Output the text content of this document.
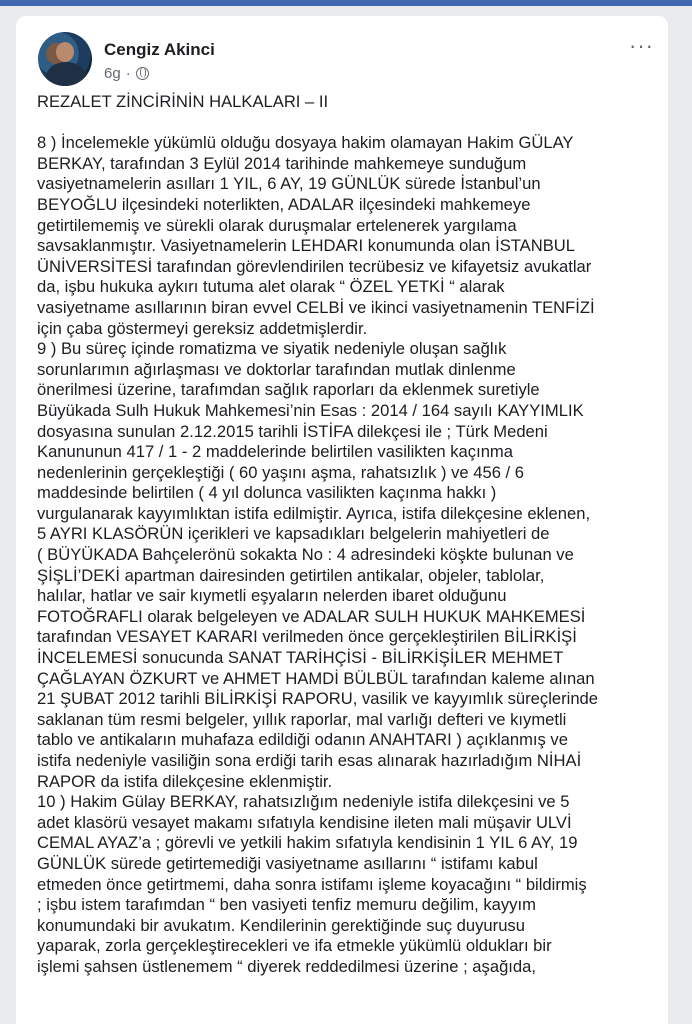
Cengiz Akinci
6g ·
···

REZALET ZİNCİRİNİN HALKALARI – II

8 ) İncelemekle yükümlü olduğu dosyaya hakim olamayan Hakim GÜLAY
BERKAY, tarafından 3 Eylül 2014 tarihinde mahkemeye sunduğum
vasiyetnamelerin asılları 1 YIL, 6 AY, 19 GÜNLÜK sürede İstanbul’un
BEYOĞLU ilçesindeki noterlikten, ADALAR ilçesindeki mahkemeye
getirtilememiş ve sürekli olarak duruşmalar ertelenerek yargılama
savsaklanmıştır. Vasiyetnamelerin LEHDARI konumunda olan İSTANBUL
ÜNİVERSİTESİ tarafından görevlendirilen tecrübesiz ve kifayetsiz avukatlar
da, işbu hukuka aykırı tutuma alet olarak “ ÖZEL YETKİ “ alarak
vasiyetname asıllarının biran evvel CELBİ ve ikinci vasiyetnamenin TENFİZİ
için çaba göstermeyi gereksiz addetmişlerdir.

9 ) Bu süreç içinde romatizma ve siyatik nedeniyle oluşan sağlık
sorunlarımın ağırlaşması ve doktorlar tarafından mutlak dinlenme
önerilmesi üzerine, tarafımdan sağlık raporları da eklenmek suretiyle
Büyükada Sulh Hukuk Mahkemesi’nin Esas : 2014 / 164 sayılı KAYYIMLIK
dosyasına sunulan 2.12.2015 tarihli İSTİFA dilekçesi ile ; Türk Medeni
Kanununun 417 / 1 - 2 maddelerinde belirtilen vasilikten kaçınma
nedenlerinin gerçekleştiği ( 60 yaşını aşma, rahatsızlık ) ve 456 / 6
maddesinde belirtilen ( 4 yıl dolunca vasilikten kaçınma hakkı )
vurgulanarak kayyımlıktan istifa edilmiştir. Ayrıca, istifa dilekçesine eklenen,
5 AYRI KLASÖRÜN içerikleri ve kapsadıkları belgelerin mahiyetleri de
( BÜYÜKADA Bahçelerönü sokakta No : 4 adresindeki köşkte bulunan ve
ŞİŞLİ’DEKİ apartman dairesinden getirtilen antikalar, objeler, tablolar,
halılar, hatlar ve sair kıymetli eşyaların nelerden ibaret olduğunu
FOTOĞRAFLI olarak belgeleyen ve ADALAR SULH HUKUK MAHKEMESİ
tarafından VESAYET KARARI verilmeden önce gerçekleştirilen BİLİRKİŞİ
İNCELEMESİ sonucunda SANAT TARİHÇİSİ - BİLİRKİŞİLER MEHMET
ÇAĞLAYAN ÖZKURT ve AHMET HAMDİ BÜLBÜL tarafından kaleme alınan
21 ŞUBAT 2012 tarihli BİLİRKİŞİ RAPORU, vasilik ve kayyımlık süreçlerinde
saklanan tüm resmi belgeler, yıllık raporlar, mal varlığı defteri ve kıymetli
tablo ve antikaların muhafaza edildiği odanın ANAHTARI ) açıklanmış ve
istifa nedeniyle vasiliğin sona erdiği tarih esas alınarak hazırladığım NİHAİ
RAPOR da istifa dilekçesine eklenmiştir.

10 ) Hakim Gülay BERKAY, rahatsızlığım nedeniyle istifa dilekçesini ve 5
adet klasörü vesayet makamı sıfatıyla kendisine ileten mali müşavir ULVİ
CEMAL AYAZ’a ; görevli ve yetkili hakim sıfatıyla kendisinin 1 YIL 6 AY, 19
GÜNLÜK sürede getirtemediği vasiyetname asıllarını “ istifamı kabul
etmeden önce getirtmemi, daha sonra istifamı işleme koyacağını “ bildirmiş
; işbu istem tarafımdan “ ben vasiyeti tenfiz memuru değilim, kayyım
konumundaki bir avukatım. Kendilerinin gerektiğinde suç duyurusu
yaparak, zorla gerçekleştirecekleri ve ifa etmekle yükümlü oldukları bir
işlemi şahsen üstlenemem “ diyerek reddedilmesi üzerine ; aşağıda,
